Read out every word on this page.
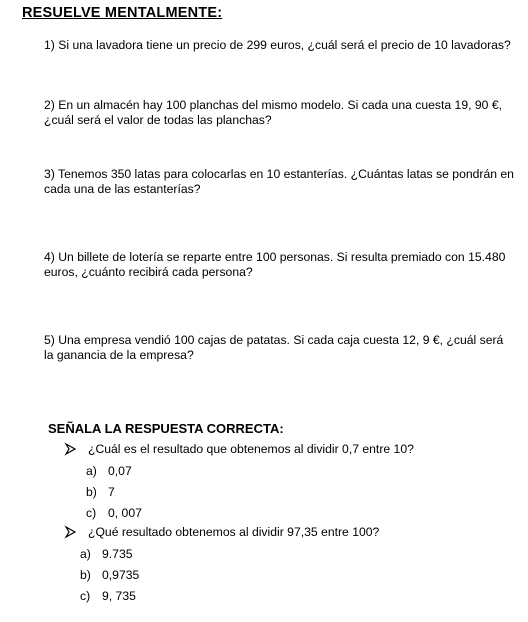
RESUELVE MENTALMENTE:
1) Si una lavadora tiene un precio de 299 euros, ¿cuál será el precio de 10 lavadoras?
2) En un almacén hay 100 planchas del mismo modelo. Si cada una cuesta 19, 90 €, ¿cuál será el valor de todas las planchas?
3) Tenemos 350 latas para colocarlas en 10 estanterías. ¿Cuántas latas se pondrán en cada una de las estanterías?
4) Un billete de lotería se reparte entre 100 personas. Si resulta premiado con 15.480 euros, ¿cuánto recibirá cada persona?
5) Una empresa vendió 100 cajas de patatas. Si cada caja cuesta 12, 9 €, ¿cuál será la ganancia de la empresa?
SEÑALA LA RESPUESTA CORRECTA:
¿Cuál es el resultado que obtenemos al dividir 0,7 entre 10?
a) 0,07
b) 7
c) 0, 007
¿Qué resultado obtenemos al dividir 97,35 entre 100?
a) 9.735
b) 0,9735
c) 9, 735
